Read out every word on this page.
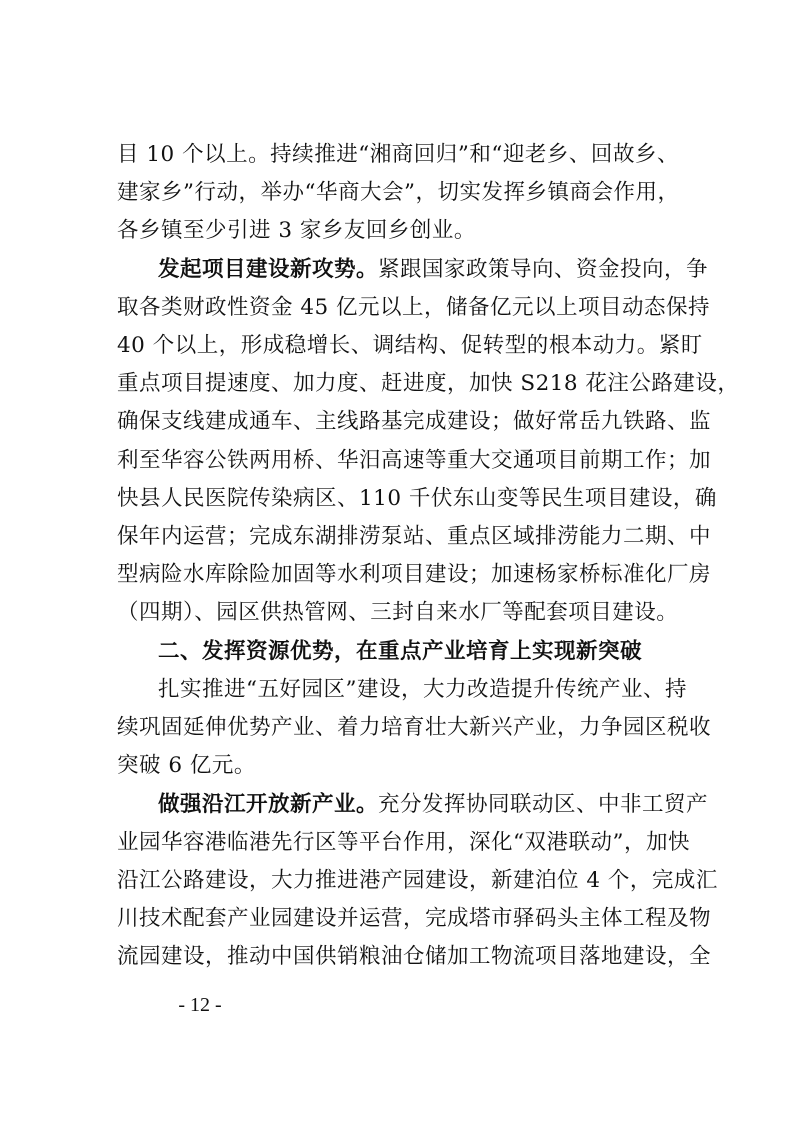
目 10 个以上。持续推进“湘商回归”和“迎老乡、回故乡、
建家乡”行动，举办“华商大会”，切实发挥乡镇商会作用，
各乡镇至少引进 3 家乡友回乡创业。
发起项目建设新攻势。紧跟国家政策导向、资金投向，争
取各类财政性资金 45 亿元以上，储备亿元以上项目动态保持
40 个以上，形成稳增长、调结构、促转型的根本动力。紧盯
重点项目提速度、加力度、赶进度，加快 S218 花注公路建设，
确保支线建成通车、主线路基完成建设；做好常岳九铁路、监
利至华容公铁两用桥、华汨高速等重大交通项目前期工作；加
快县人民医院传染病区、110 千伏东山变等民生项目建设，确
保年内运营；完成东湖排涝泵站、重点区域排涝能力二期、中
型病险水库除险加固等水利项目建设；加速杨家桥标准化厂房
（四期）、园区供热管网、三封自来水厂等配套项目建设。
二、发挥资源优势，在重点产业培育上实现新突破
扎实推进“五好园区”建设，大力改造提升传统产业、持
续巩固延伸优势产业、着力培育壮大新兴产业，力争园区税收
突破 6 亿元。
做强沿江开放新产业。充分发挥协同联动区、中非工贸产
业园华容港临港先行区等平台作用，深化“双港联动”，加快
沿江公路建设，大力推进港产园建设，新建泊位 4 个，完成汇
川技术配套产业园建设并运营，完成塔市驿码头主体工程及物
流园建设，推动中国供销粮油仓储加工物流项目落地建设，全
- 12 -
